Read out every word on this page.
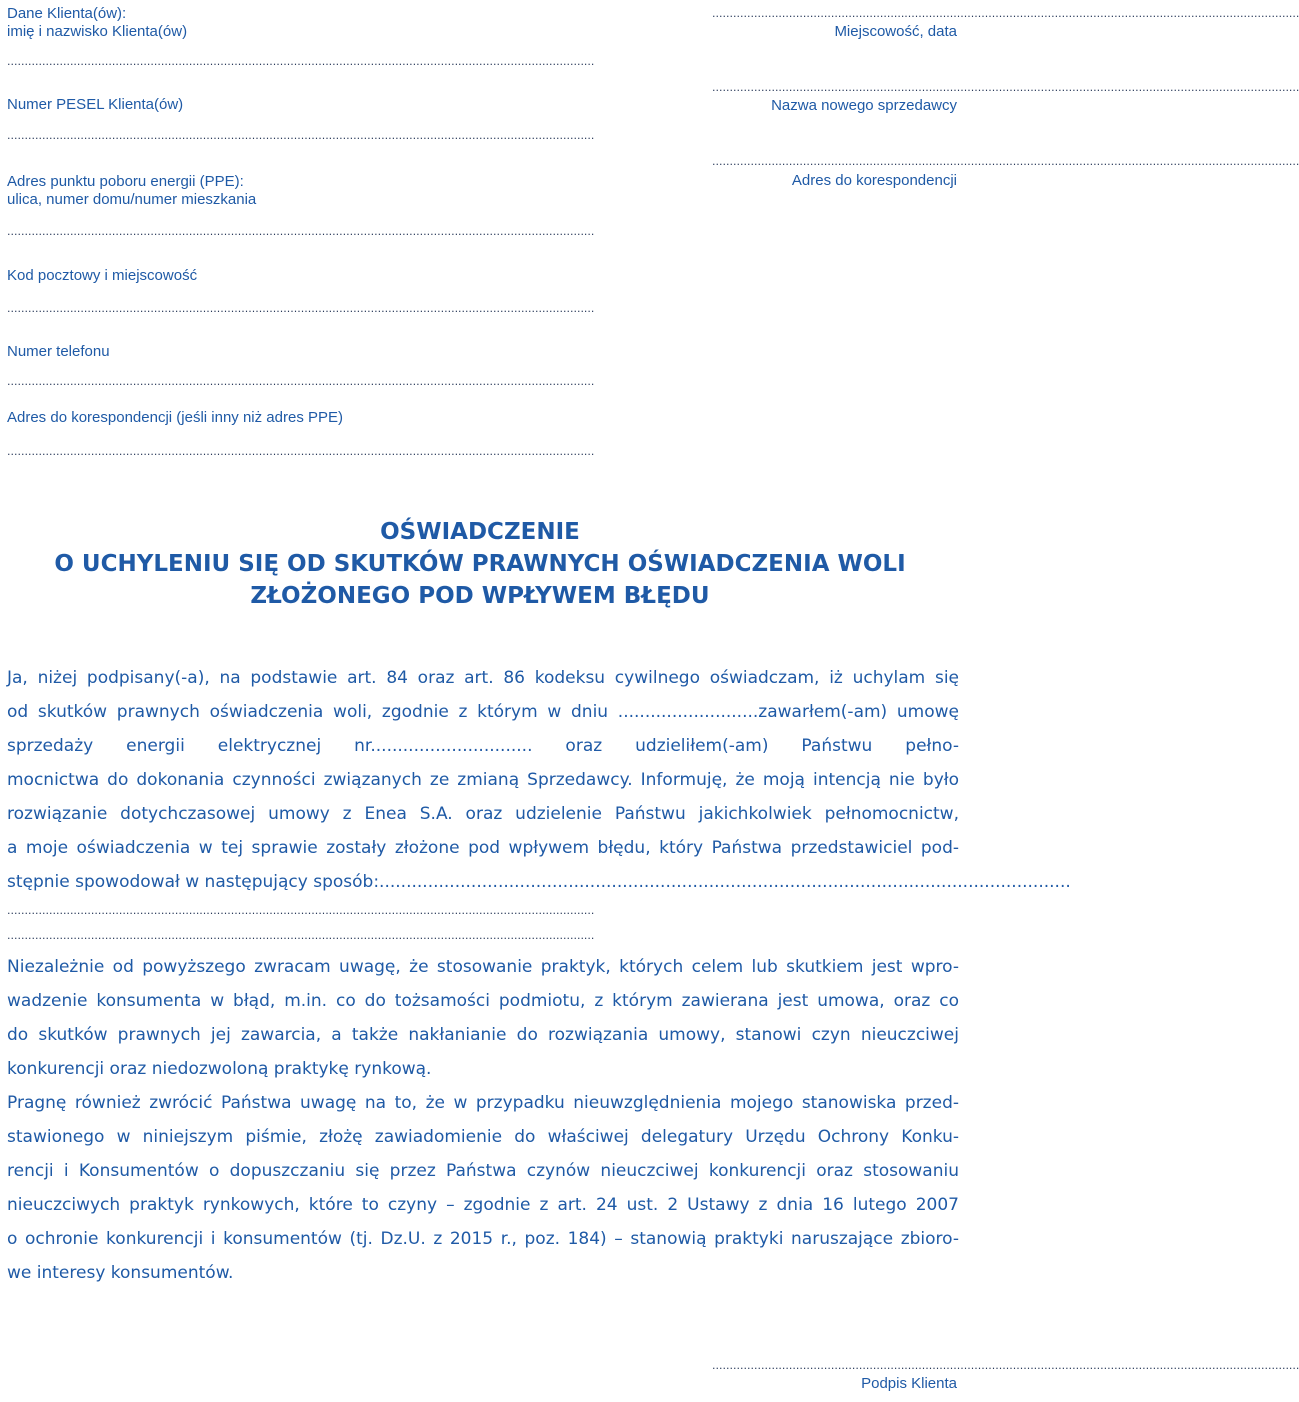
Dane Klienta(ów):
imię i nazwisko Klienta(ów)
........................................................................................................................................................................
Numer PESEL Klienta(ów)
........................................................................................................................................................................
Adres punktu poboru energii (PPE):
ulica, numer domu/numer mieszkania
........................................................................................................................................................................
Kod pocztowy i miejscowość
........................................................................................................................................................................
Numer telefonu
........................................................................................................................................................................
Adres do korespondencji (jeśli inny niż adres PPE)
........................................................................................................................................................................
........................................................................................................................................................................
Miejscowość, data
........................................................................................................................................................................
Nazwa nowego sprzedawcy
........................................................................................................................................................................
Adres do korespondencji
OŚWIADCZENIE
O UCHYLENIU SIĘ OD SKUTKÓW PRAWNYCH OŚWIADCZENIA WOLI
ZŁOŻONEGO POD WPŁYWEM BŁĘDU
Ja, niżej podpisany(-a), na podstawie art. 84 oraz art. 86 kodeksu cywilnego oświadczam, iż uchylam się
od skutków prawnych oświadczenia woli, zgodnie z którym w dniu ..........................zawarłem(-am) umowę
sprzedaży energii elektrycznej nr.............................. oraz udzieliłem(-am) Państwu pełno-
mocnictwa do dokonania czynności związanych ze zmianą Sprzedawcy. Informuję, że moją intencją nie było
rozwiązanie dotychczasowej umowy z Enea S.A. oraz udzielenie Państwu jakichkolwiek pełnomocnictw,
a moje oświadczenia w tej sprawie zostały złożone pod wpływem błędu, który Państwa przedstawiciel pod-
stępnie spowodował w następujący sposób:................................................................................................................................
........................................................................................................................................................................
........................................................................................................................................................................
Niezależnie od powyższego zwracam uwagę, że stosowanie praktyk, których celem lub skutkiem jest wpro-
wadzenie konsumenta w błąd, m.in. co do tożsamości podmiotu, z którym zawierana jest umowa, oraz co
do skutków prawnych jej zawarcia, a także nakłanianie do rozwiązania umowy, stanowi czyn nieuczciwej
konkurencji oraz niedozwoloną praktykę rynkową.
Pragnę również zwrócić Państwa uwagę na to, że w przypadku nieuwzględnienia mojego stanowiska przed-
stawionego w niniejszym piśmie, złożę zawiadomienie do właściwej delegatury Urzędu Ochrony Konku-
rencji i Konsumentów o dopuszczaniu się przez Państwa czynów nieuczciwej konkurencji oraz stosowaniu
nieuczciwych praktyk rynkowych, które to czyny – zgodnie z art. 24 ust. 2 Ustawy z dnia 16 lutego 2007
o ochronie konkurencji i konsumentów (tj. Dz.U. z 2015 r., poz. 184) – stanowią praktyki naruszające zbioro-
we interesy konsumentów.
........................................................................................................................................................................
Podpis Klienta
